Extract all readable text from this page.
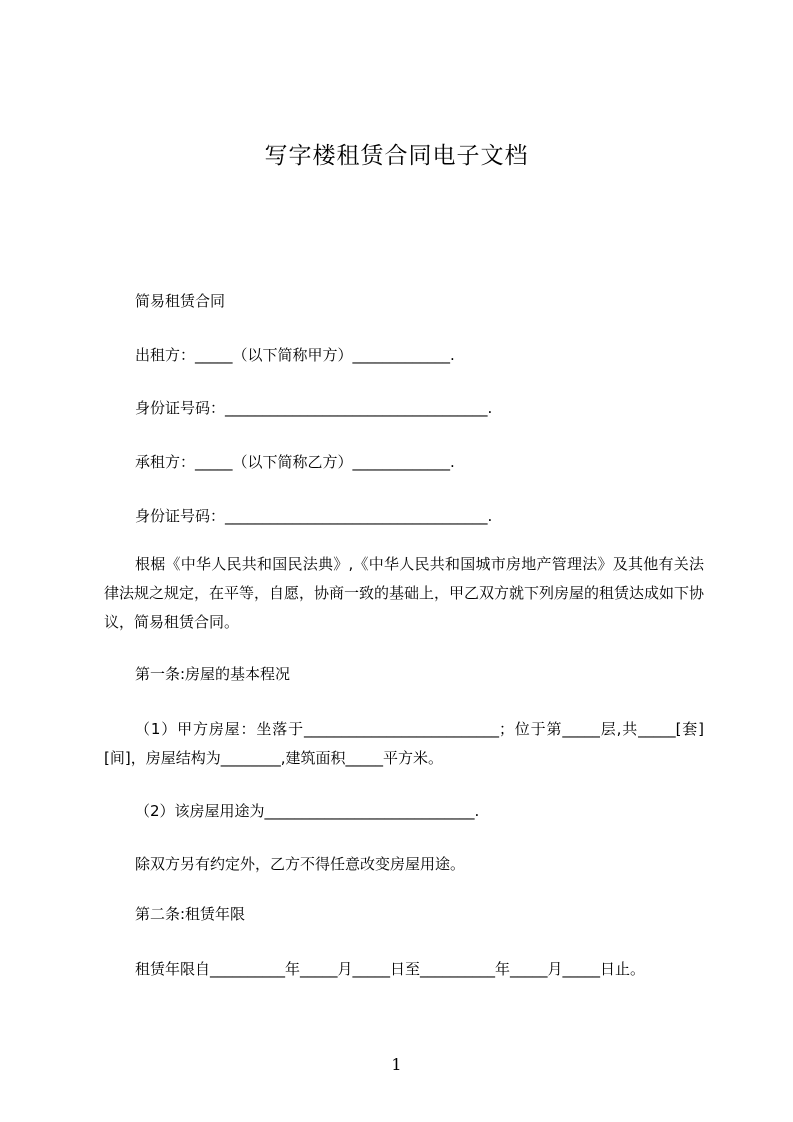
写字楼租赁合同电子文档
简易租赁合同
出租方：_____（以下简称甲方）_____________.
身份证号码：___________________________________.
承租方：_____（以下简称乙方）_____________.
身份证号码：___________________________________.
根椐《中华人民共和国民法典》,《中华人民共和国城市房地产管理法》及其他有关法律法规之规定，在平等，自愿，协商一致的基础上，甲乙双方就下列房屋的租赁达成如下协议，简易租赁合同。
第一条:房屋的基本程况
（1）甲方房屋：坐落于__________________________；位于第_____层,共_____[套][间]，房屋结构为________,建筑面积_____平方米。
（2）该房屋用途为____________________________.
除双方另有约定外，乙方不得任意改变房屋用途。
第二条:租赁年限
租赁年限自__________年_____月_____日至__________年_____月_____日止。
1
